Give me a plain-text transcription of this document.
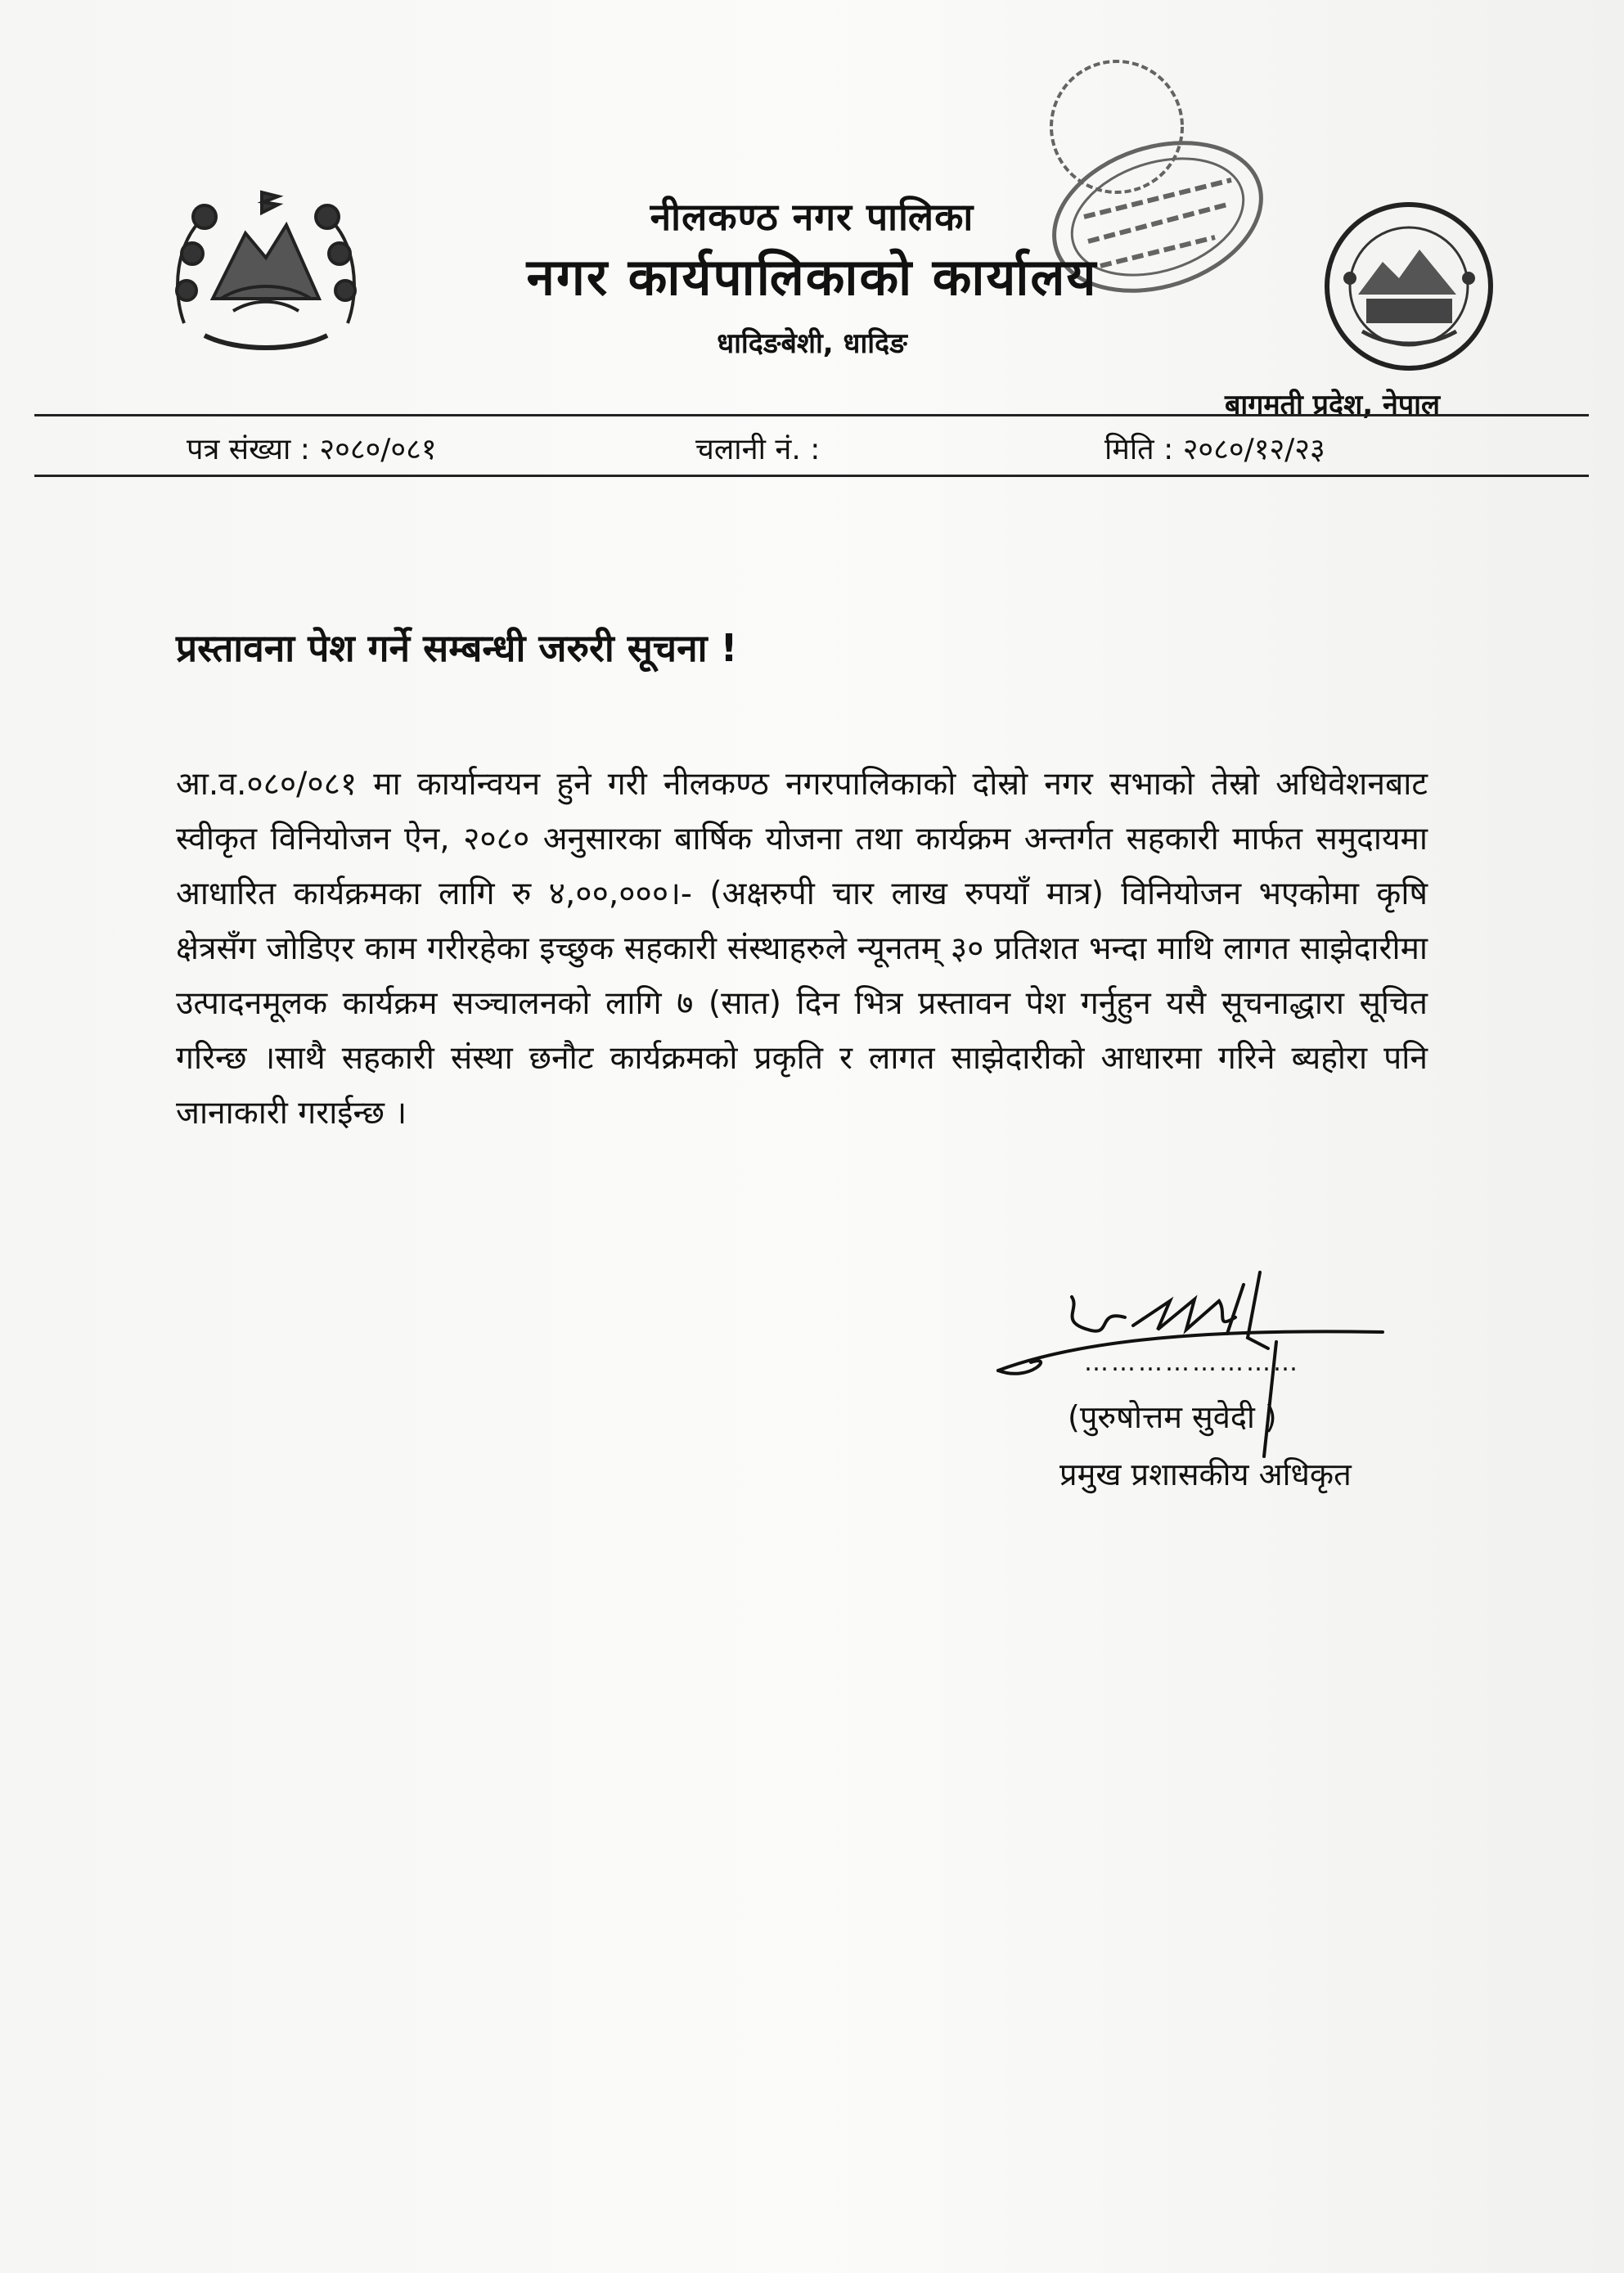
नीलकण्ठ नगर पालिका
नगर कार्यपालिकाको कार्यालय
धादिङबेशी, धादिङ
बागमती प्रदेश, नेपाल
पत्र संख्या : २०८०/०८१	चलानी नं. :	मिति : २०८०/१२/२३
प्रस्तावना पेश गर्ने सम्बन्धी जरुरी सूचना !
आ.व.०८०/०८१ मा कार्यान्वयन हुने गरी नीलकण्ठ नगरपालिकाको दोस्रो नगर सभाको तेस्रो अधिवेशनबाट स्वीकृत विनियोजन ऐन, २०८० अनुसारका बार्षिक योजना तथा कार्यक्रम अन्तर्गत सहकारी मार्फत समुदायमा आधारित कार्यक्रमका लागि रु ४,००,०००।- (अक्षरुपी चार लाख रुपयाँ मात्र) विनियोजन भएकोमा कृषि क्षेत्रसँग जोडिएर काम गरीरहेका इच्छुक सहकारी संस्थाहरुले न्यूनतम् ३० प्रतिशत भन्दा माथि लागत साझेदारीमा उत्पादनमूलक कार्यक्रम सञ्चालनको लागि ७ (सात) दिन भित्र प्रस्तावन पेश गर्नुहुन यसै सूचनाद्धारा सूचित गरिन्छ ।साथै सहकारी संस्था छनौट कार्यक्रमको प्रकृति र लागत साझेदारीको आधारमा गरिने ब्यहोरा पनि जानाकारी गराईन्छ ।
……………………
(पुरुषोत्तम सुवेदी )
प्रमुख प्रशासकीय अधिकृत
